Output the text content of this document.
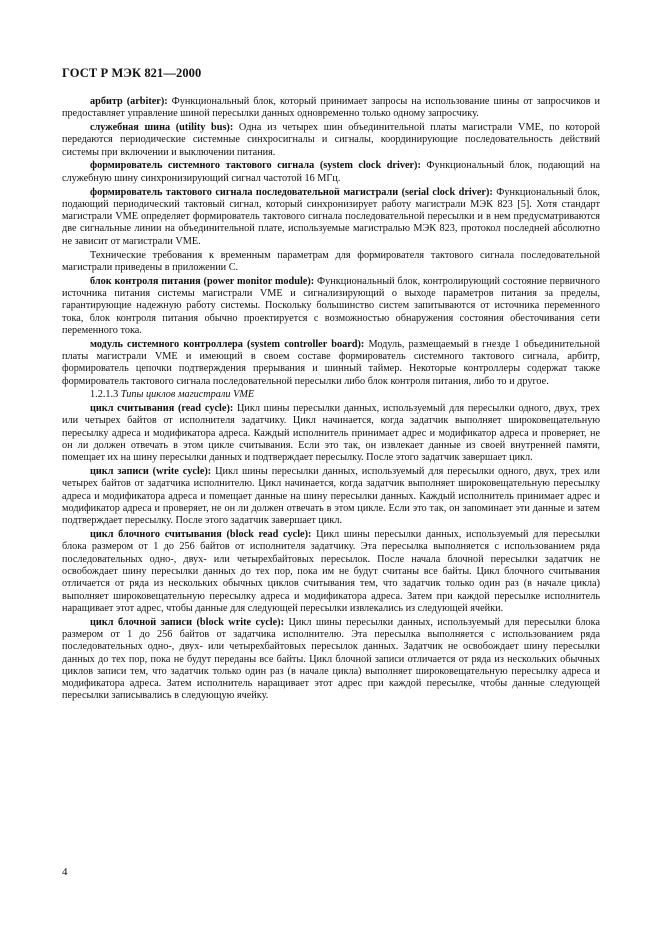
ГОСТ Р МЭК 821—2000

арбитр (arbiter): Функциональный блок, который принимает запросы на использование шины от запросчиков и предоставляет управление шиной пересылки данных одновременно только одному запросчику.

служебная шина (utility bus): Одна из четырех шин объединительной платы магистрали VME, по которой передаются периодические системные синхросигналы и сигналы, координирующие последовательность действий системы при включении и выключении питания.

формирователь системного тактового сигнала (system clock driver): Функциональный блок, подающий на служебную шину синхронизирующий сигнал частотой 16 МГц.

формирователь тактового сигнала последовательной магистрали (serial clock driver): Функциональный блок, подающий периодический тактовый сигнал, который синхронизирует работу магистрали МЭК 823 [5]. Хотя стандарт магистрали VME определяет формирователь тактового сигнала последовательной пересылки и в нем предусматриваются две сигнальные линии на объединительной плате, используемые магистралью МЭК 823, протокол последней абсолютно не зависит от магистрали VME.

Технические требования к временным параметрам для формирователя тактового сигнала последовательной магистрали приведены в приложении С.

блок контроля питания (power monitor module): Функциональный блок, контролирующий состояние первичного источника питания системы магистрали VME и сигнализирующий о выходе параметров питания за пределы, гарантирующие надежную работу системы. Поскольку большинство систем запитываются от источника переменного тока, блок контроля питания обычно проектируется с возможностью обнаружения состояния обесточивания сети переменного тока.

модуль системного контроллера (system controller board): Модуль, размещаемый в гнезде 1 объединительной платы магистрали VME и имеющий в своем составе формирователь системного тактового сигнала, арбитр, формирователь цепочки подтверждения прерывания и шинный таймер. Некоторые контроллеры содержат также формирователь тактового сигнала последовательной пересылки либо блок контроля питания, либо то и другое.

1.2.1.3 Типы циклов магистрали VME

цикл считывания (read cycle): Цикл шины пересылки данных, используемый для пересылки одного, двух, трех или четырех байтов от исполнителя задатчику. Цикл начинается, когда задатчик выполняет широковещательную пересылку адреса и модификатора адреса. Каждый исполнитель принимает адрес и модификатор адреса и проверяет, не он ли должен отвечать в этом цикле считывания. Если это так, он извлекает данные из своей внутренней памяти, помещает их на шину пересылки данных и подтверждает пересылку. После этого задатчик завершает цикл.

цикл записи (write cycle): Цикл шины пересылки данных, используемый для пересылки одного, двух, трех или четырех байтов от задатчика исполнителю. Цикл начинается, когда задатчик выполняет широковещательную пересылку адреса и модификатора адреса и помещает данные на шину пересылки данных. Каждый исполнитель принимает адрес и модификатор адреса и проверяет, не он ли должен отвечать в этом цикле. Если это так, он запоминает эти данные и затем подтверждает пересылку. После этого задатчик завершает цикл.

цикл блочного считывания (block read cycle): Цикл шины пересылки данных, используемый для пересылки блока размером от 1 до 256 байтов от исполнителя задатчику. Эта пересылка выполняется с использованием ряда последовательных одно-, двух- или четырехбайтовых пересылок. После начала блочной пересылки задатчик не освобождает шину пересылки данных до тех пор, пока им не будут считаны все байты. Цикл блочного считывания отличается от ряда из нескольких обычных циклов считывания тем, что задатчик только один раз (в начале цикла) выполняет широковещательную пересылку адреса и модификатора адреса. Затем при каждой пересылке исполнитель наращивает этот адрес, чтобы данные для следующей пересылки извлекались из следующей ячейки.

цикл блочной записи (block write cycle): Цикл шины пересылки данных, используемый для пересылки блока размером от 1 до 256 байтов от задатчика исполнителю. Эта пересылка выполняется с использованием ряда последовательных одно-, двух- или четырехбайтовых пересылок данных. Задатчик не освобождает шину пересылки данных до тех пор, пока не будут переданы все байты. Цикл блочной записи отличается от ряда из нескольких обычных циклов записи тем, что задатчик только один раз (в начале цикла) выполняет широковещательную пересылку адреса и модификатора адреса. Затем исполнитель наращивает этот адрес при каждой пересылке, чтобы данные следующей пересылки записывались в следующую ячейку.

4
